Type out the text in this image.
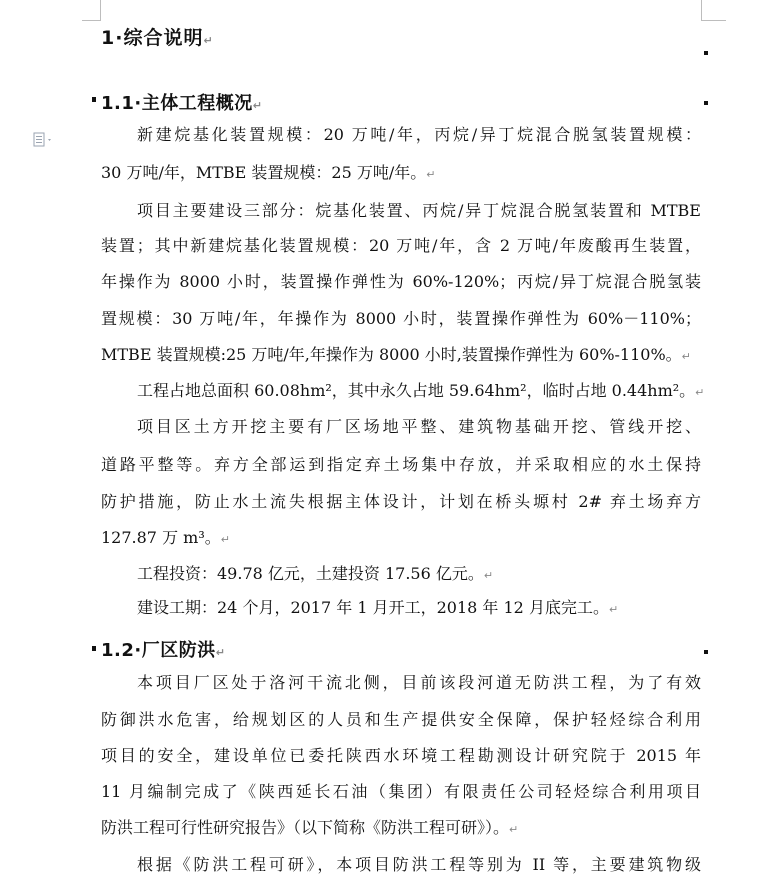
1·综合说明↵
1.1·主体工程概况↵
新建烷基化装置规模：20 万吨/年，丙烷/异丁烷混合脱氢装置规模：
30 万吨/年，MTBE 装置规模：25 万吨/年。↵
项目主要建设三部分：烷基化装置、丙烷/异丁烷混合脱氢装置和 MTBE
装置；其中新建烷基化装置规模：20 万吨/年，含 2 万吨/年废酸再生装置，
年操作为 8000 小时，装置操作弹性为 60%-120%；丙烷/异丁烷混合脱氢装
置规模：30 万吨/年，年操作为 8000 小时，装置操作弹性为 60%－110%；
MTBE 装置规模:25 万吨/年,年操作为 8000 小时,装置操作弹性为 60%-110%。↵
工程占地总面积 60.08hm²，其中永久占地 59.64hm²，临时占地 0.44hm²。↵
项目区土方开挖主要有厂区场地平整、建筑物基础开挖、管线开挖、
道路平整等。弃方全部运到指定弃土场集中存放，并采取相应的水土保持
防护措施，防止水土流失根据主体设计，计划在桥头塬村 2# 弃土场弃方
127.87 万 m³。↵
工程投资：49.78 亿元，土建投资 17.56 亿元。↵
建设工期：24 个月，2017 年 1 月开工，2018 年 12 月底完工。↵
1.2·厂区防洪↵
本项目厂区处于洛河干流北侧，目前该段河道无防洪工程，为了有效
防御洪水危害，给规划区的人员和生产提供安全保障，保护轻烃综合利用
项目的安全，建设单位已委托陕西水环境工程勘测设计研究院于 2015 年
11 月编制完成了《陕西延长石油（集团）有限责任公司轻烃综合利用项目
防洪工程可行性研究报告》（以下简称《防洪工程可研》）。↵
根据《防洪工程可研》，本项目防洪工程等别为 II 等，主要建筑物级
